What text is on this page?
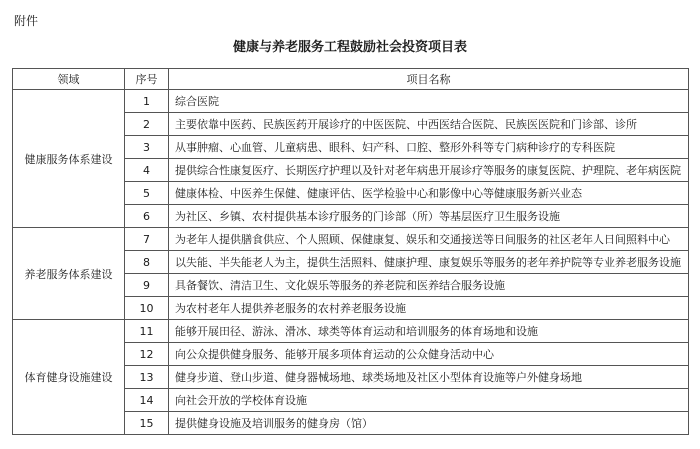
附件
健康与养老服务工程鼓励社会投资项目表
领域	序号	项目名称
健康服务体系建设	1	综合医院
	2	主要依靠中医药、民族医药开展诊疗的中医医院、中西医结合医院、民族医医院和门诊部、诊所
	3	从事肿瘤、心血管、儿童病患、眼科、妇产科、口腔、整形外科等专门病种诊疗的专科医院
	4	提供综合性康复医疗、长期医疗护理以及针对老年病患开展诊疗等服务的康复医院、护理院、老年病医院
	5	健康体检、中医养生保健、健康评估、医学检验中心和影像中心等健康服务新兴业态
	6	为社区、乡镇、农村提供基本诊疗服务的门诊部（所）等基层医疗卫生服务设施
养老服务体系建设	7	为老年人提供膳食供应、个人照顾、保健康复、娱乐和交通接送等日间服务的社区老年人日间照料中心
	8	以失能、半失能老人为主，提供生活照料、健康护理、康复娱乐等服务的老年养护院等专业养老服务设施
	9	具备餐饮、清洁卫生、文化娱乐等服务的养老院和医养结合服务设施
	10	为农村老年人提供养老服务的农村养老服务设施
体育健身设施建设	11	能够开展田径、游泳、滑冰、球类等体育运动和培训服务的体育场地和设施
	12	向公众提供健身服务、能够开展多项体育运动的公众健身活动中心
	13	健身步道、登山步道、健身器械场地、球类场地及社区小型体育设施等户外健身场地
	14	向社会开放的学校体育设施
	15	提供健身设施及培训服务的健身房（馆）
